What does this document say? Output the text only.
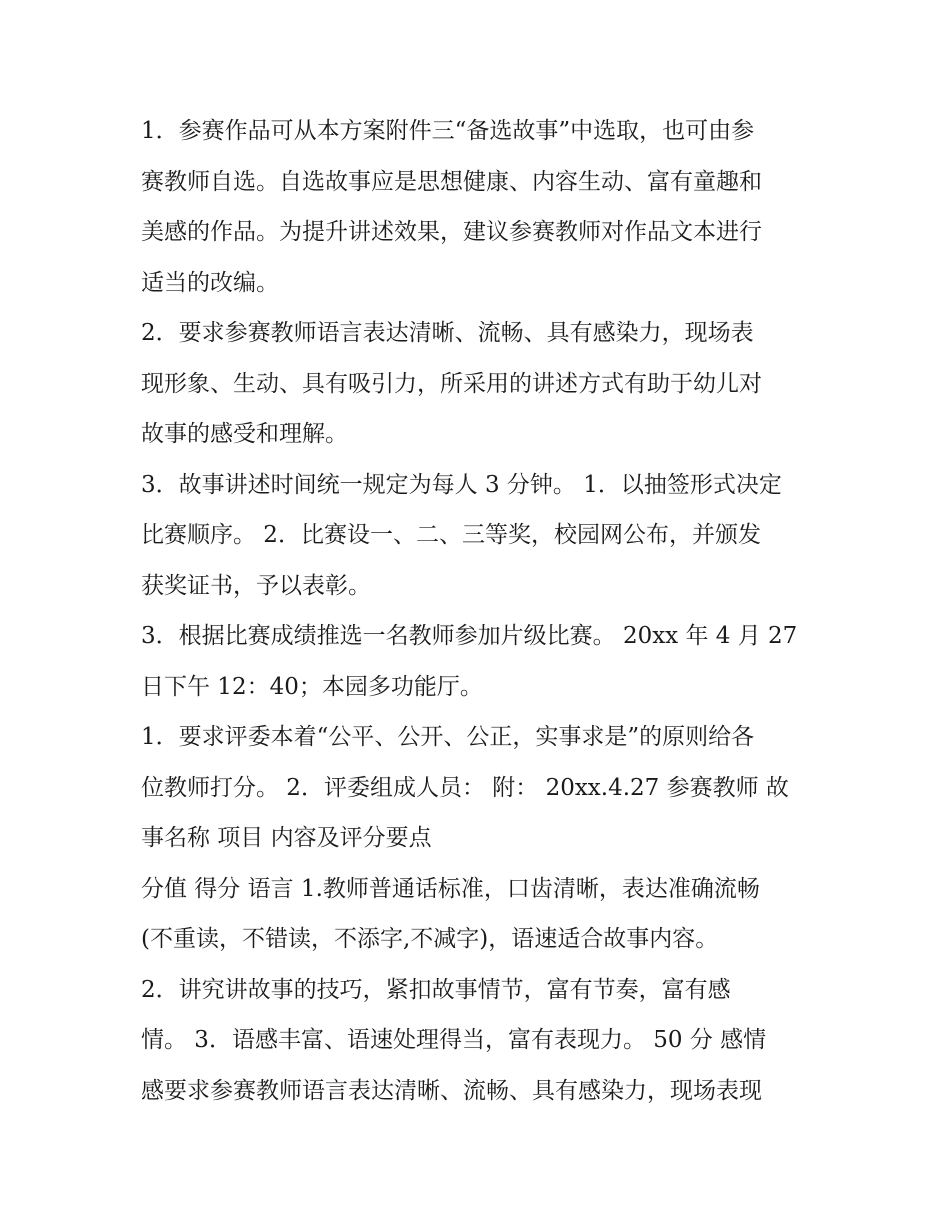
1．参赛作品可从本方案附件三“备选故事”中选取，也可由参
赛教师自选。自选故事应是思想健康、内容生动、富有童趣和
美感的作品。为提升讲述效果，建议参赛教师对作品文本进行
适当的改编。
2．要求参赛教师语言表达清晰、流畅、具有感染力，现场表
现形象、生动、具有吸引力，所采用的讲述方式有助于幼儿对
故事的感受和理解。
3．故事讲述时间统一规定为每人 3 分钟。 1．以抽签形式决定
比赛顺序。 2．比赛设一、二、三等奖，校园网公布，并颁发
获奖证书，予以表彰。
3．根据比赛成绩推选一名教师参加片级比赛。 20xx 年 4 月 27
日下午 12：40；本园多功能厅。
1．要求评委本着“公平、公开、公正，实事求是”的原则给各
位教师打分。 2．评委组成人员： 附： 20xx.4.27 参赛教师 故
事名称 项目 内容及评分要点
分值 得分 语言 1.教师普通话标准，口齿清晰，表达准确流畅
(不重读，不错读，不添字,不减字)，语速适合故事内容。
2．讲究讲故事的技巧，紧扣故事情节，富有节奏，富有感
情。 3．语感丰富、语速处理得当，富有表现力。 50 分 感情
感要求参赛教师语言表达清晰、流畅、具有感染力，现场表现
